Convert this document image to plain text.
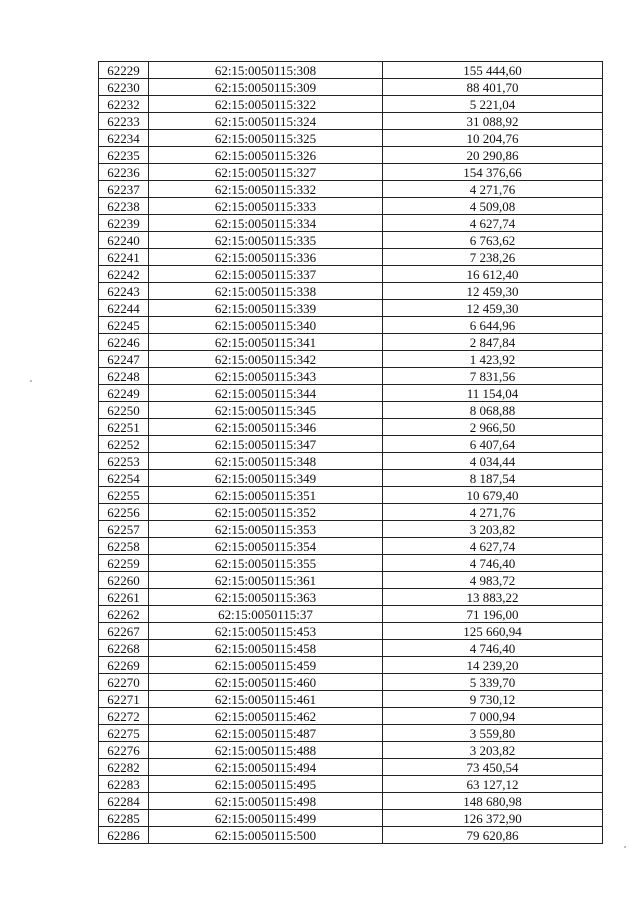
62229	62:15:0050115:308	155 444,60
62230	62:15:0050115:309	88 401,70
62232	62:15:0050115:322	5 221,04
62233	62:15:0050115:324	31 088,92
62234	62:15:0050115:325	10 204,76
62235	62:15:0050115:326	20 290,86
62236	62:15:0050115:327	154 376,66
62237	62:15:0050115:332	4 271,76
62238	62:15:0050115:333	4 509,08
62239	62:15:0050115:334	4 627,74
62240	62:15:0050115:335	6 763,62
62241	62:15:0050115:336	7 238,26
62242	62:15:0050115:337	16 612,40
62243	62:15:0050115:338	12 459,30
62244	62:15:0050115:339	12 459,30
62245	62:15:0050115:340	6 644,96
62246	62:15:0050115:341	2 847,84
62247	62:15:0050115:342	1 423,92
62248	62:15:0050115:343	7 831,56
62249	62:15:0050115:344	11 154,04
62250	62:15:0050115:345	8 068,88
62251	62:15:0050115:346	2 966,50
62252	62:15:0050115:347	6 407,64
62253	62:15:0050115:348	4 034,44
62254	62:15:0050115:349	8 187,54
62255	62:15:0050115:351	10 679,40
62256	62:15:0050115:352	4 271,76
62257	62:15:0050115:353	3 203,82
62258	62:15:0050115:354	4 627,74
62259	62:15:0050115:355	4 746,40
62260	62:15:0050115:361	4 983,72
62261	62:15:0050115:363	13 883,22
62262	62:15:0050115:37	71 196,00
62267	62:15:0050115:453	125 660,94
62268	62:15:0050115:458	4 746,40
62269	62:15:0050115:459	14 239,20
62270	62:15:0050115:460	5 339,70
62271	62:15:0050115:461	9 730,12
62272	62:15:0050115:462	7 000,94
62275	62:15:0050115:487	3 559,80
62276	62:15:0050115:488	3 203,82
62282	62:15:0050115:494	73 450,54
62283	62:15:0050115:495	63 127,12
62284	62:15:0050115:498	148 680,98
62285	62:15:0050115:499	126 372,90
62286	62:15:0050115:500	79 620,86
